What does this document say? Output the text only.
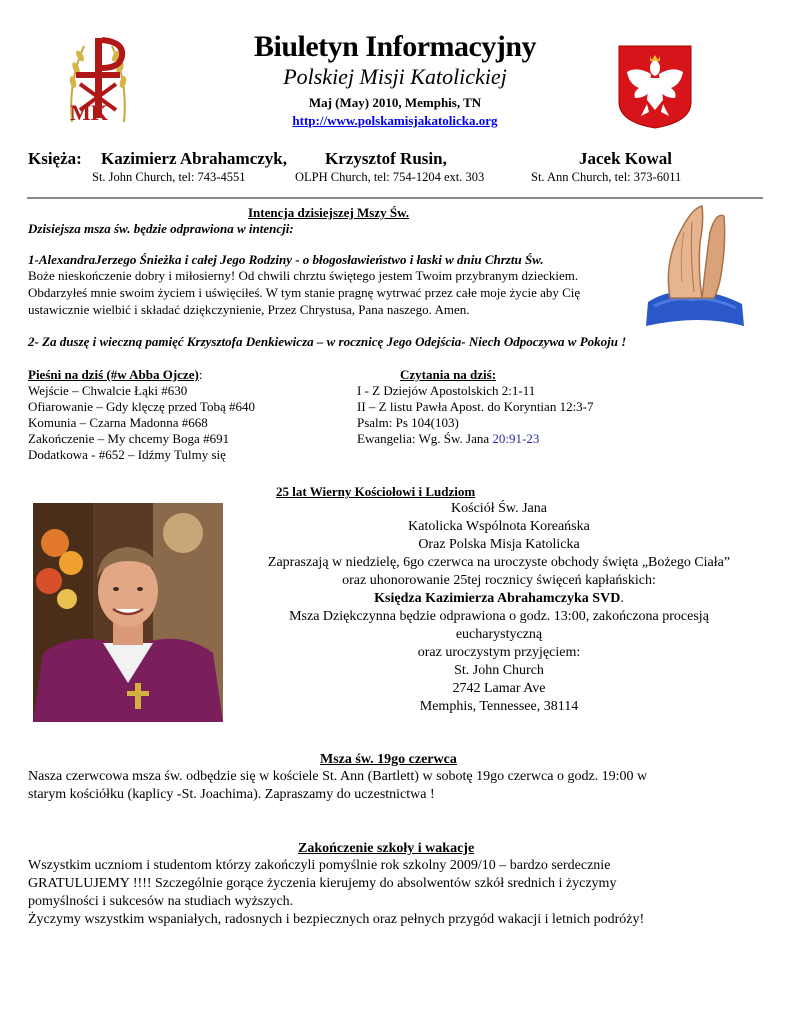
MK
Biuletyn Informacyjny
Polskiej Misji Katolickiej
Maj (May) 2010, Memphis, TN
http://www.polskamisjakatolicka.org
Księża: Kazimierz Abrahamczyk, Krzysztof Rusin,	Jacek Kowal
St. John Church, tel: 743-4551	OLPH Church, tel: 754-1204 ext. 303	St. Ann Church, tel: 373-6011
Intencja dzisiejszej Mszy Św.
Dzisiejsza msza św. będzie odprawiona w intencji:
1-AlexandraJerzego Śnieżka i całej Jego Rodziny - o błogosławieństwo i łaski w dniu Chrztu Św.
Boże nieskończenie dobry i miłosierny! Od chwili chrztu świętego jestem Twoim przybranym dzieckiem.
Obdarzyłeś mnie swoim życiem i uświęciłeś. W tym stanie pragnę wytrwać przez całe moje życie aby Cię
ustawicznie wielbić i składać dziękczynienie, Przez Chrystusa, Pana naszego. Amen.
2- Za duszę i wieczną pamięć Krzysztofa Denkiewicza – w rocznicę Jego Odejścia- Niech Odpoczywa w Pokoju !
Pieśni na dziś (#w Abba Ojcze):
Wejście – Chwalcie Łąki #630
Ofiarowanie – Gdy klęczę przed Tobą #640
Komunia – Czarna Madonna #668
Zakończenie – My chcemy Boga #691
Dodatkowa - #652 – Idźmy Tulmy się
Czytania na dziś:
I - Z Dziejów Apostolskich 2:1-11
II – Z listu Pawła Apost. do Koryntian 12:3-7
Psalm: Ps 104(103)
Ewangelia: Wg. Św. Jana 20:91-23
25 lat Wierny Kościołowi i Ludziom
Kościół Św. Jana
Katolicka Wspólnota Koreańska
Oraz Polska Misja Katolicka
Zapraszają w niedzielę, 6go czerwca na uroczyste obchody święta „Bożego Ciała”
oraz uhonorowanie 25tej rocznicy święceń kapłańskich:
Księdza Kazimierza Abrahamczyka SVD.
Msza Dziękczynna będzie odprawiona o godz. 13:00, zakończona procesją
eucharystyczną
oraz uroczystym przyjęciem:
St. John Church
2742 Lamar Ave
Memphis, Tennessee, 38114
Msza św. 19go czerwca
Nasza czerwcowa msza św. odbędzie się w kościele St. Ann (Bartlett) w sobotę 19go czerwca o godz. 19:00 w
starym kościółku (kaplicy -St. Joachima). Zapraszamy do uczestnictwa !
Zakończenie szkoły i wakacje
Wszystkim uczniom i studentom którzy zakończyli pomyślnie rok szkolny 2009/10 – bardzo serdecznie
GRATULUJEMY !!!! Szczególnie gorące życzenia kierujemy do absolwentów szkół srednich i życzymy
pomyślności i sukcesów na studiach wyższych.
Życzymy wszystkim wspaniałych, radosnych i bezpiecznych oraz pełnych przygód wakacji i letnich podróży!
